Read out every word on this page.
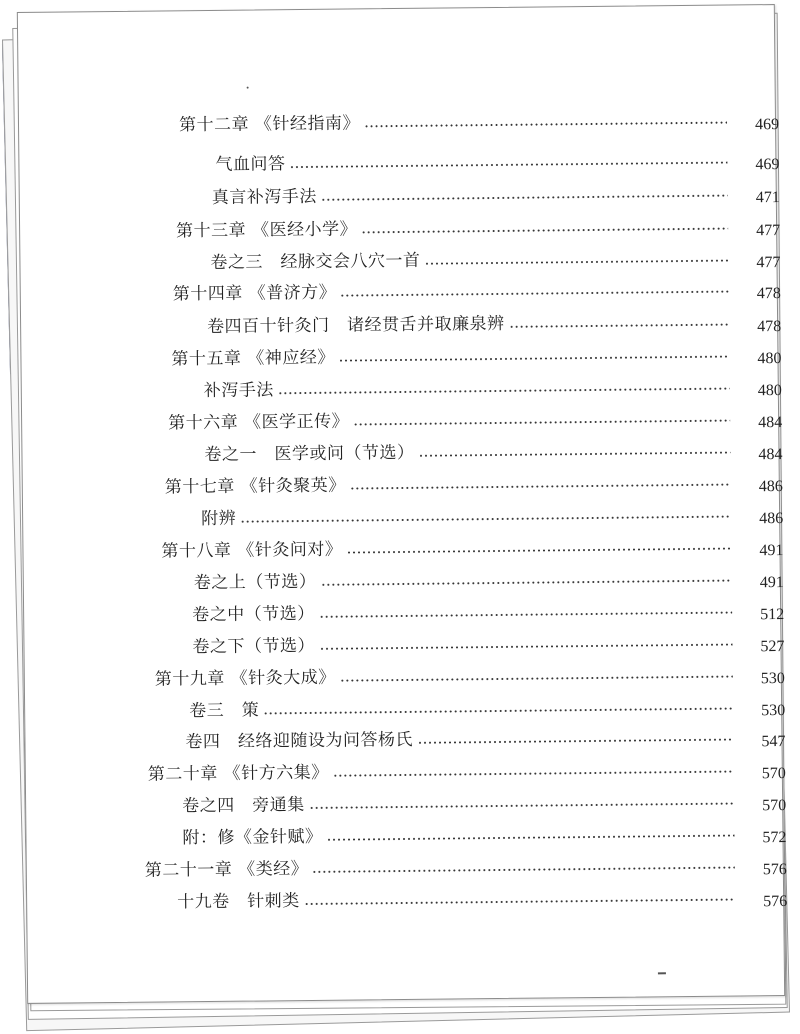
第十二章 《针经指南》	469
气血问答	469
真言补泻手法	471
第十三章 《医经小学》	477
卷之三　经脉交会八穴一首	477
第十四章 《普济方》	478
卷四百十针灸门　诸经贯舌并取廉泉辨	478
第十五章 《神应经》	480
补泻手法	480
第十六章 《医学正传》	484
卷之一　医学或问（节选）	484
第十七章 《针灸聚英》	486
附辨	486
第十八章 《针灸问对》	491
卷之上（节选）	491
卷之中（节选）	512
卷之下（节选）	527
第十九章 《针灸大成》	530
卷三　策	530
卷四　经络迎随设为问答杨氏	547
第二十章 《针方六集》	570
卷之四　旁通集	570
附：修《金针赋》	572
第二十一章 《类经》	576
十九卷　针刺类	576
